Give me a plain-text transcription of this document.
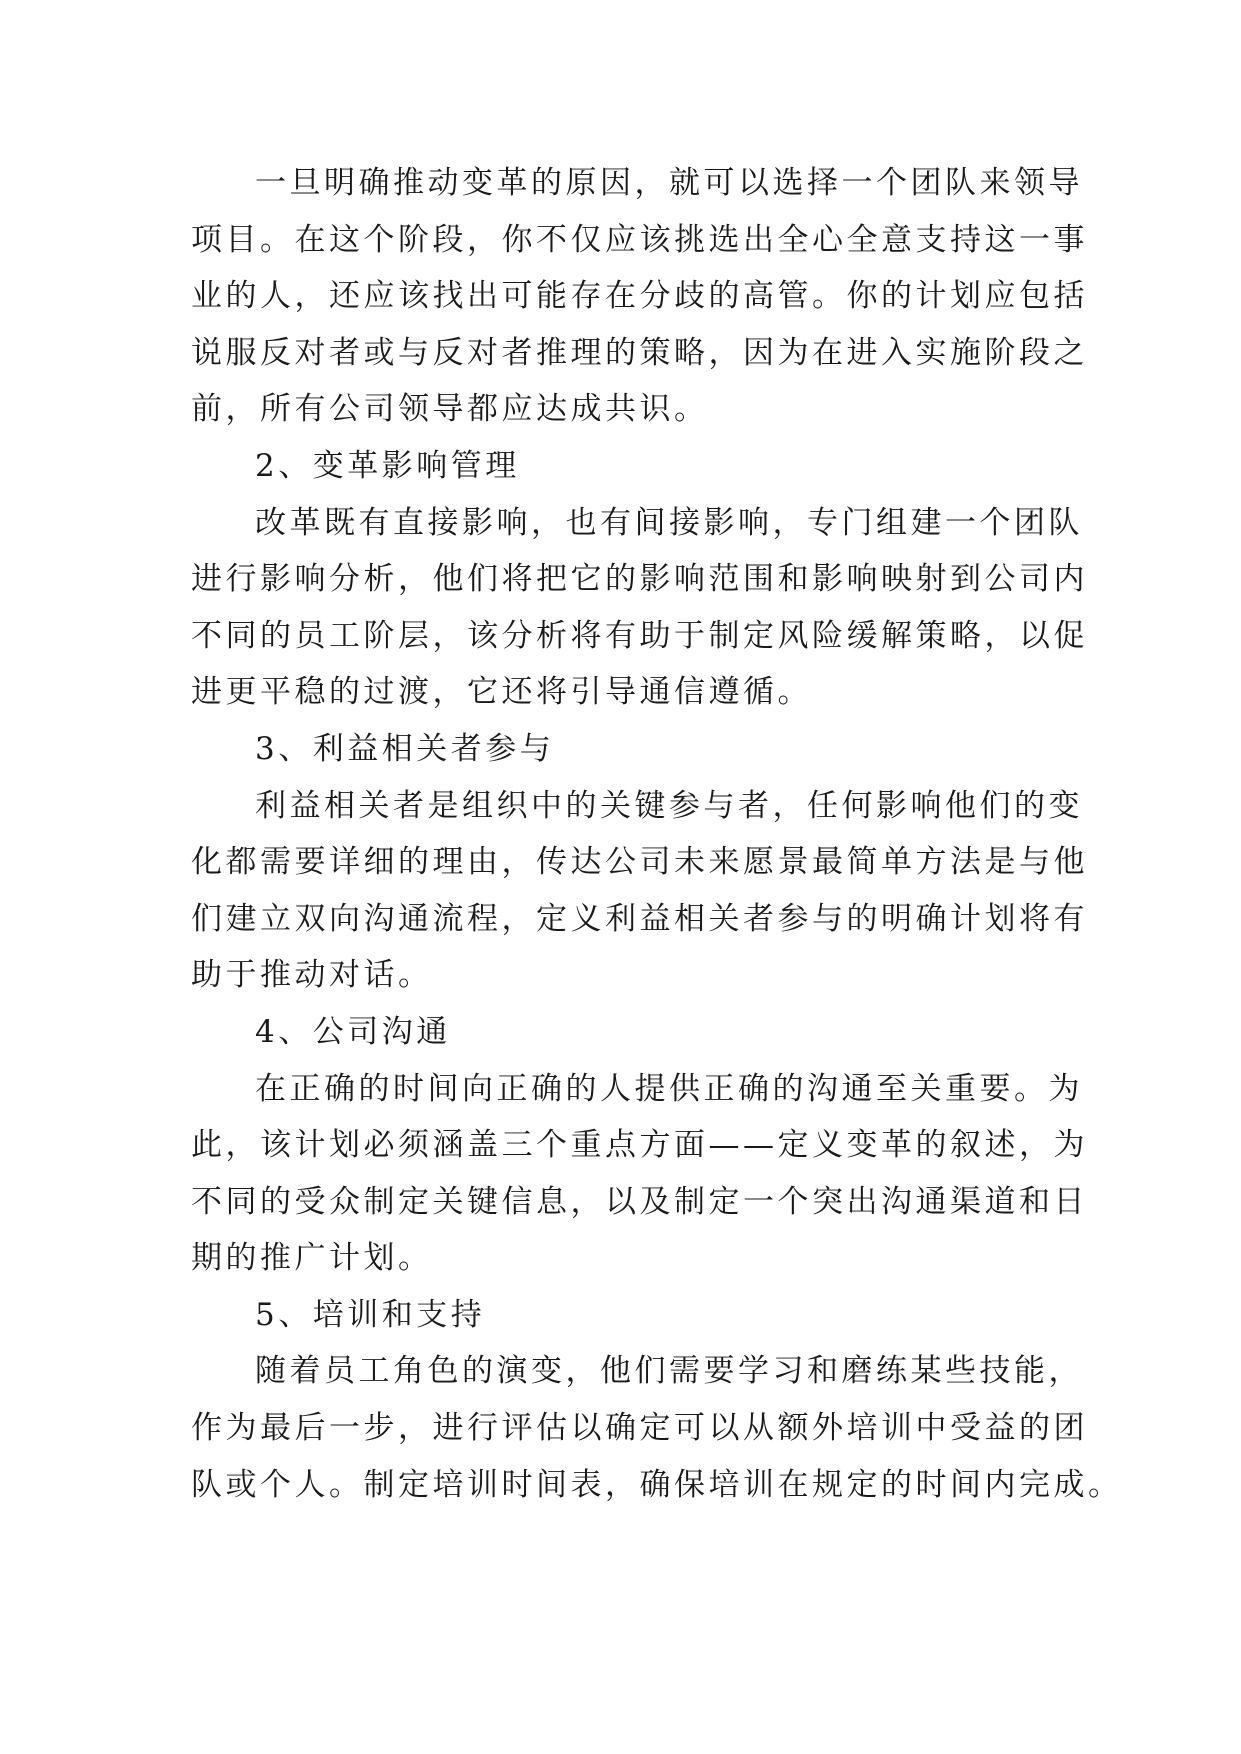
一旦明确推动变革的原因，就可以选择一个团队来领导
项目。在这个阶段，你不仅应该挑选出全心全意支持这一事
业的人，还应该找出可能存在分歧的高管。你的计划应包括
说服反对者或与反对者推理的策略，因为在进入实施阶段之
前，所有公司领导都应达成共识。
2、变革影响管理
改革既有直接影响，也有间接影响，专门组建一个团队
进行影响分析，他们将把它的影响范围和影响映射到公司内
不同的员工阶层，该分析将有助于制定风险缓解策略，以促
进更平稳的过渡，它还将引导通信遵循。
3、利益相关者参与
利益相关者是组织中的关键参与者，任何影响他们的变
化都需要详细的理由，传达公司未来愿景最简单方法是与他
们建立双向沟通流程，定义利益相关者参与的明确计划将有
助于推动对话。
4、公司沟通
在正确的时间向正确的人提供正确的沟通至关重要。为
此，该计划必须涵盖三个重点方面——定义变革的叙述，为
不同的受众制定关键信息，以及制定一个突出沟通渠道和日
期的推广计划。
5、培训和支持
随着员工角色的演变，他们需要学习和磨练某些技能，
作为最后一步，进行评估以确定可以从额外培训中受益的团
队或个人。制定培训时间表，确保培训在规定的时间内完成。
